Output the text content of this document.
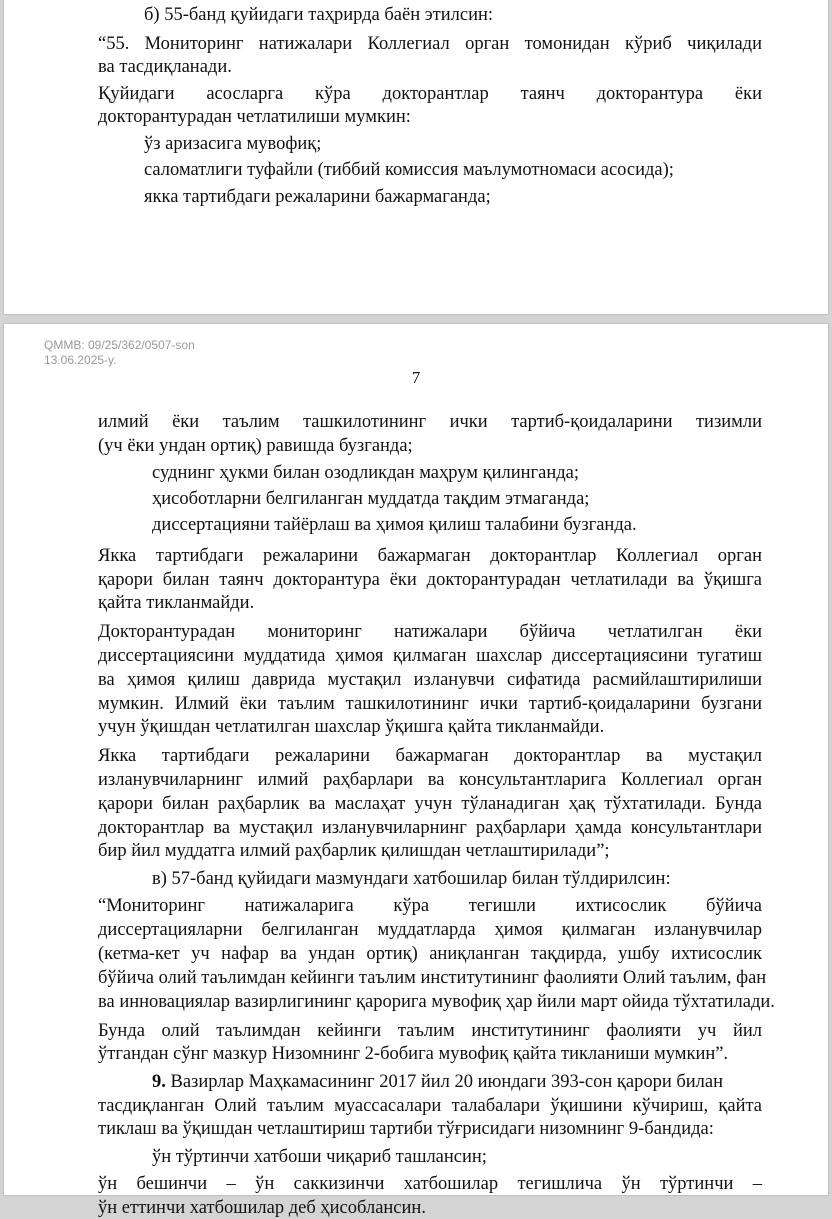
б) 55-банд қуйидаги таҳрирда баён этилсин:
“55. Мониторинг натижалари Коллегиал орган томонидан кўриб чиқилади
ва тасдиқланади.
Қуйидаги асосларга кўра докторантлар таянч докторантура ёки
докторантурадан четлатилиши мумкин:
ўз аризасига мувофиқ;
саломатлиги туфайли (тиббий комиссия маълумотномаси асосида);
якка тартибдаги режаларини бажармаганда;
QMMB: 09/25/362/0507-son
13.06.2025-y.
7
илмий ёки таълим ташкилотининг ички тартиб-қоидаларини тизимли
(уч ёки ундан ортиқ) равишда бузганда;
суднинг ҳукми билан озодликдан маҳрум қилинганда;
ҳисоботларни белгиланган муддатда тақдим этмаганда;
диссертацияни тайёрлаш ва ҳимоя қилиш талабини бузганда.
Якка тартибдаги режаларини бажармаган докторантлар Коллегиал орган
қарори билан таянч докторантура ёки докторантурадан четлатилади ва ўқишга
қайта тикланмайди.
Докторантурадан мониторинг натижалари бўйича четлатилган ёки
диссертациясини муддатида ҳимоя қилмаган шахслар диссертациясини тугатиш
ва ҳимоя қилиш даврида мустақил изланувчи сифатида расмийлаштирилиши
мумкин. Илмий ёки таълим ташкилотининг ички тартиб-қоидаларини бузгани
учун ўқишдан четлатилган шахслар ўқишга қайта тикланмайди.
Якка тартибдаги режаларини бажармаган докторантлар ва мустақил
изланувчиларнинг илмий раҳбарлари ва консультантларига Коллегиал орган
қарори билан раҳбарлик ва маслаҳат учун тўланадиган ҳақ тўхтатилади. Бунда
докторантлар ва мустақил изланувчиларнинг раҳбарлари ҳамда консультантлари
бир йил муддатга илмий раҳбарлик қилишдан четлаштирилади”;
в) 57-банд қуйидаги мазмундаги хатбошилар билан тўлдирилсин:
“Мониторинг натижаларига кўра тегишли ихтисослик бўйича
диссертацияларни белгиланган муддатларда ҳимоя қилмаган изланувчилар
(кетма-кет уч нафар ва ундан ортиқ) аниқланган тақдирда, ушбу ихтисослик
бўйича олий таълимдан кейинги таълим институтининг фаолияти Олий таълим, фан
ва инновациялар вазирлигининг қарорига мувофиқ ҳар йили март ойида тўхтатилади.
Бунда олий таълимдан кейинги таълим институтининг фаолияти уч йил
ўтгандан сўнг мазкур Низомнинг 2-бобига мувофиқ қайта тикланиши мумкин”.
9. Вазирлар Маҳкамасининг 2017 йил 20 июндаги 393-сон қарори билан
тасдиқланган Олий таълим муассасалари талабалари ўқишини кўчириш, қайта
тиклаш ва ўқишдан четлаштириш тартиби тўғрисидаги низомнинг 9-бандида:
ўн тўртинчи хатбоши чиқариб ташлансин;
ўн бешинчи – ўн саккизинчи хатбошилар тегишлича ўн тўртинчи –
ўн еттинчи хатбошилар деб ҳисоблансин.
